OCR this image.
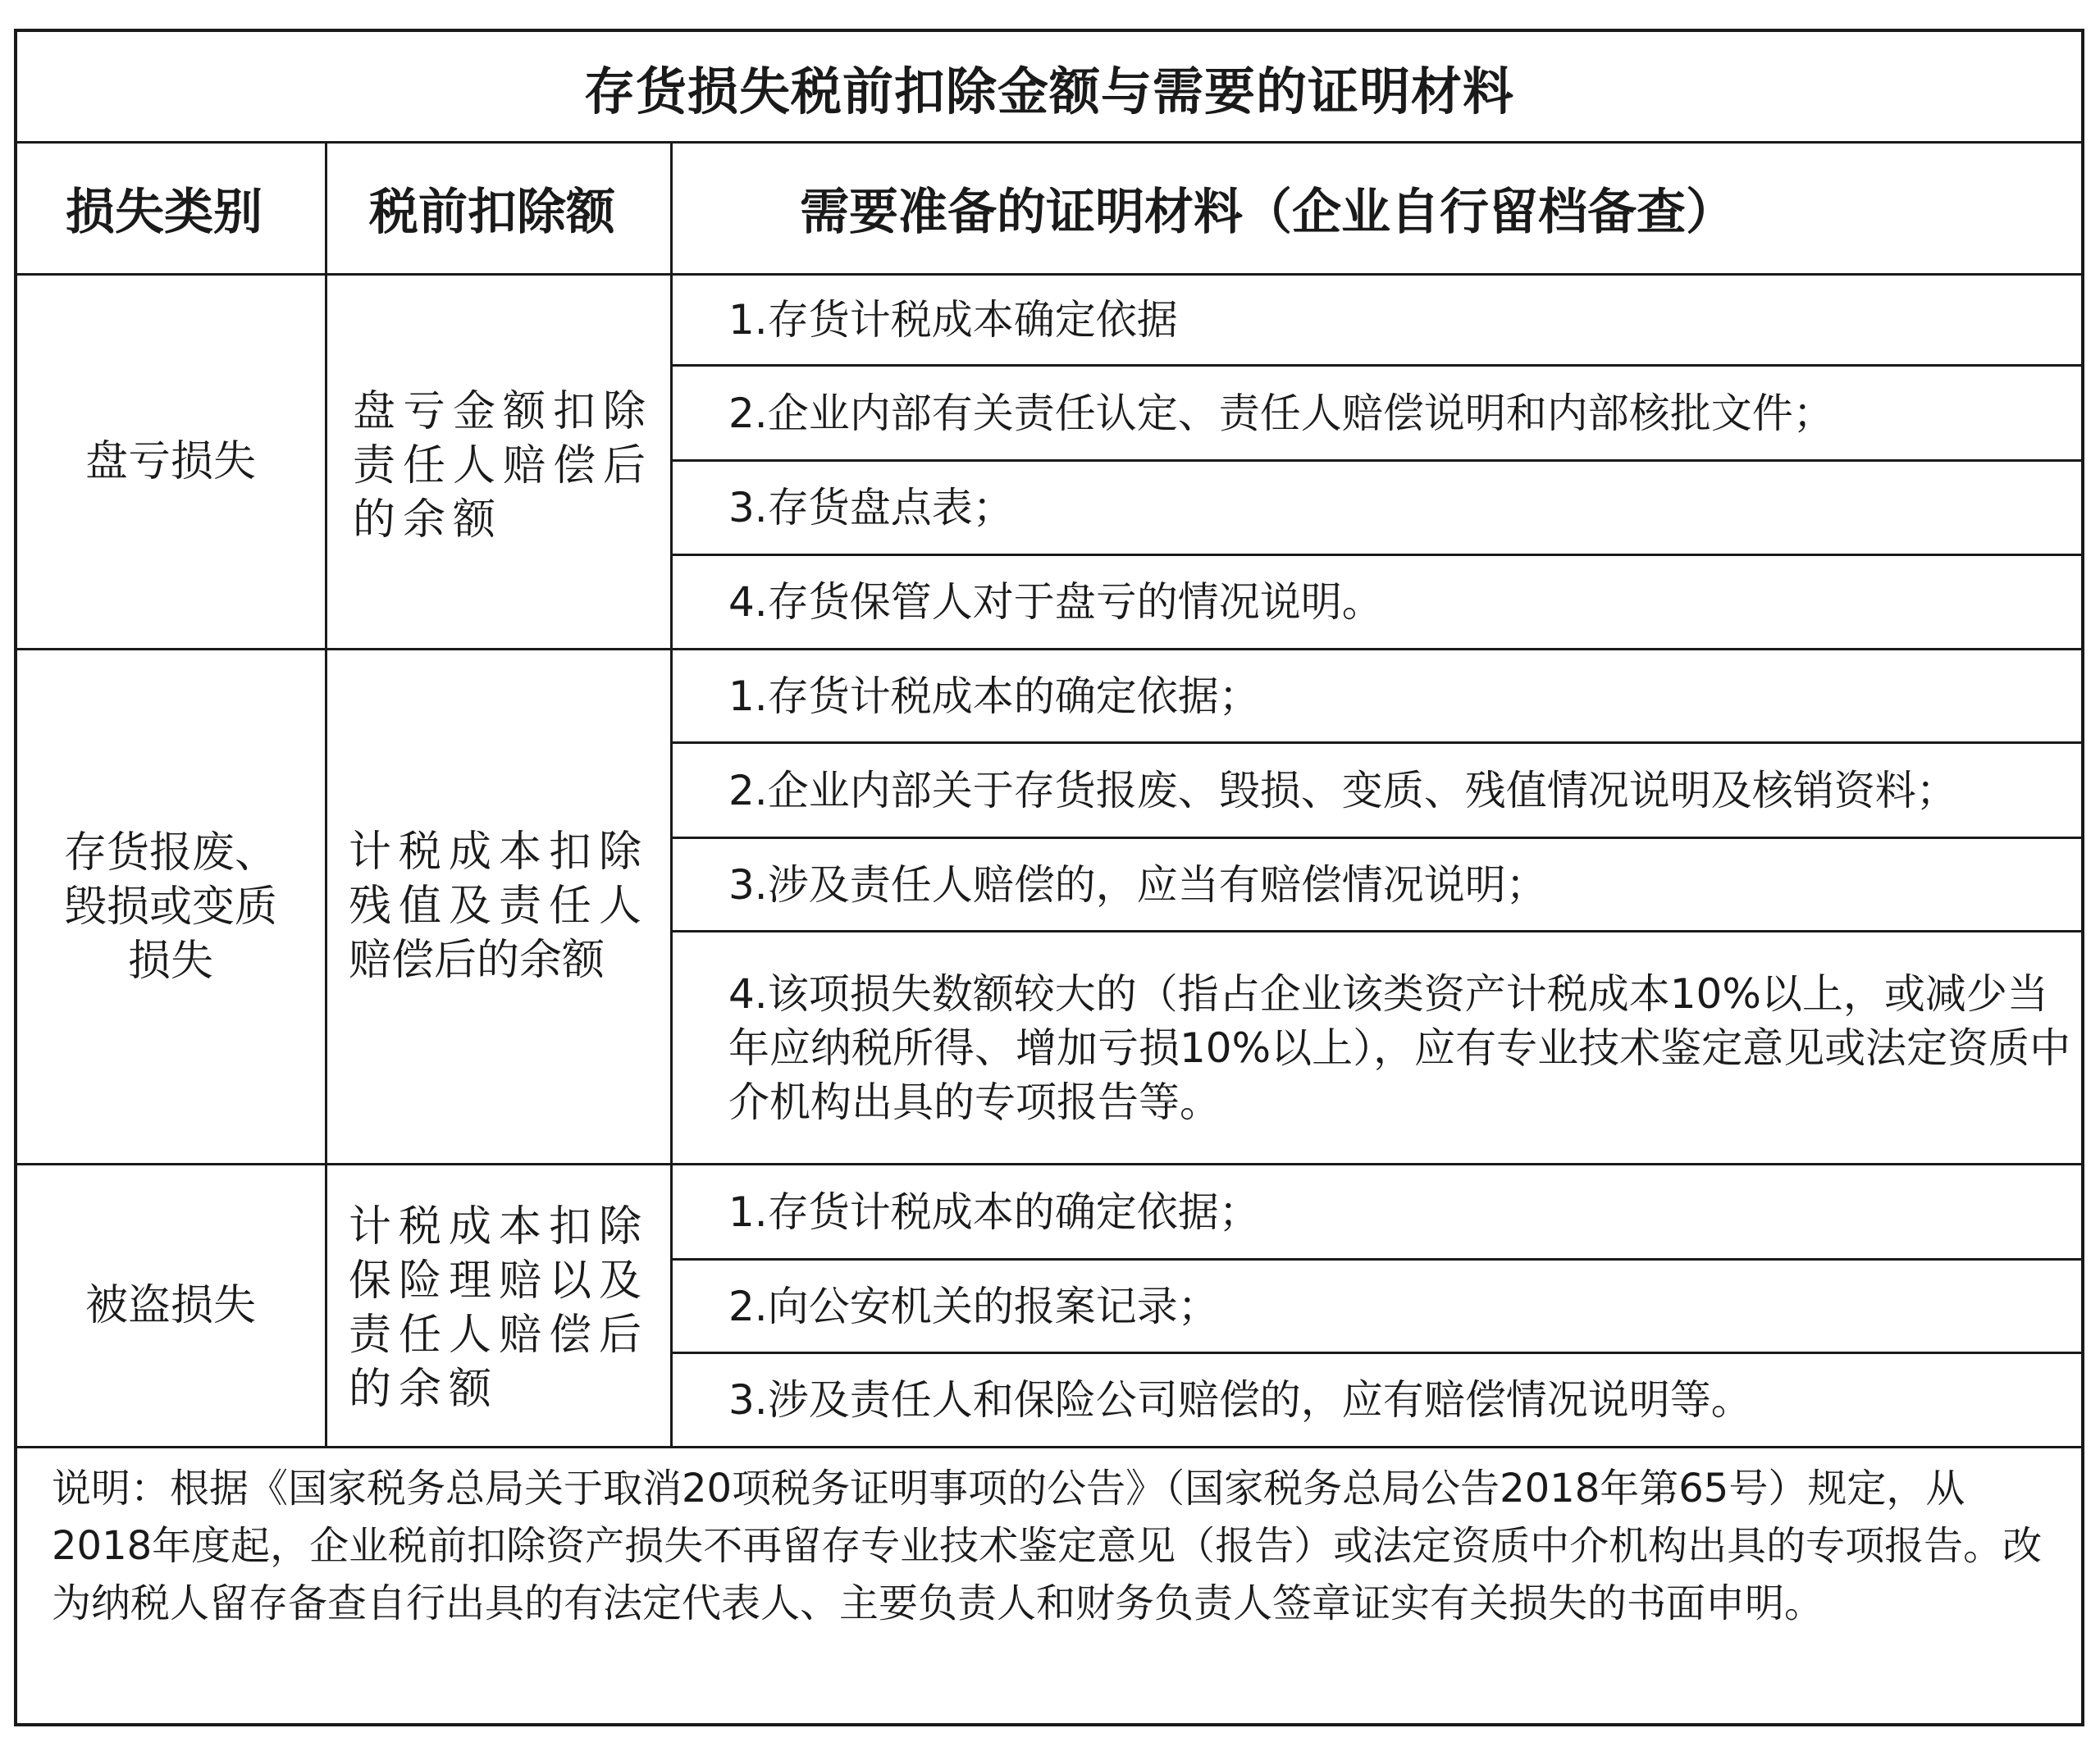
存货损失税前扣除金额与需要的证明材料
损失类别 税前扣除额	需要准备的证明材料（企业自行留档备查）
盘亏损失
盘亏金额扣除
责任人赔偿后
的余额
1.存货计税成本确定依据
2.企业内部有关责任认定、责任人赔偿说明和内部核批文件；
3.存货盘点表；
4.存货保管人对于盘亏的情况说明。
存货报废、
毁损或变质
损失
计税成本扣除
残值及责任人
赔偿后的余额
1.存货计税成本的确定依据；
2.企业内部关于存货报废、毁损、变质、残值情况说明及核销资料；
3.涉及责任人赔偿的，应当有赔偿情况说明；
4.该项损失数额较大的（指占企业该类资产计税成本10%以上，或减少当年应纳税所得、增加亏损10%以上），应有专业技术鉴定意见或法定资质中介机构出具的专项报告等。
被盗损失
计税成本扣除
保险理赔以及
责任人赔偿后
的余额
1.存货计税成本的确定依据；
2.向公安机关的报案记录；
3.涉及责任人和保险公司赔偿的，应有赔偿情况说明等。
说明：根据《国家税务总局关于取消20项税务证明事项的公告》（国家税务总局公告2018年第65号）规定，从2018年度起，企业税前扣除资产损失不再留存专业技术鉴定意见（报告）或法定资质中介机构出具的专项报告。改为纳税人留存备查自行出具的有法定代表人、主要负责人和财务负责人签章证实有关损失的书面申明。
